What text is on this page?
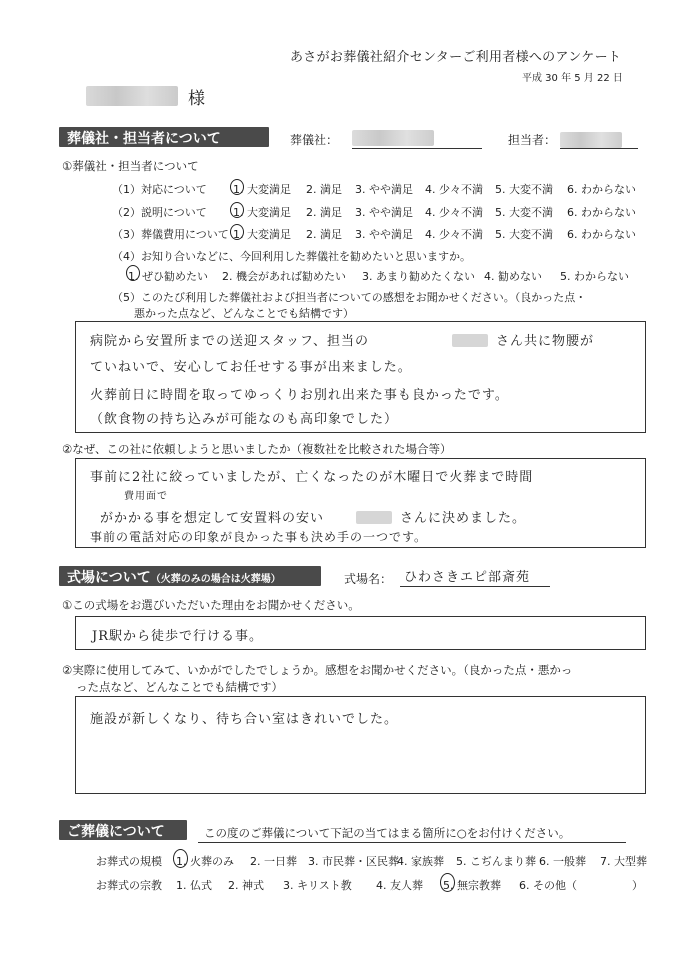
あさがお葬儀社紹介センターご利用者様へのアンケート
平成 30 年 5 月 22 日
様
葬儀社・担当者について	葬儀社：	担当者：
①葬儀社・担当者について
（1）対応について 1. 大変満足 2. 満足 3. やや満足 4. 少々不満 5. 大変不満 6. わからない
（2）説明について 1. 大変満足 2. 満足 3. やや満足 4. 少々不満 5. 大変不満 6. わからない
（3）葬儀費用について 1. 大変満足 2. 満足 3. やや満足 4. 少々不満 5. 大変不満 6. わからない
（4）お知り合いなどに、今回利用した葬儀社を勧めたいと思いますか。
1. ぜひ勧めたい 2. 機会があれば勧めたい 3. あまり勧めたくない 4. 勧めない 5. わからない
（5）このたび利用した葬儀社および担当者についての感想をお聞かせください。（良かった点・
悪かった点など、どんなことでも結構です）
病院から安置所までの送迎スタッフ、担当の	さん共に物腰が
ていねいで、安心してお任せする事が出来ました。
火葬前日に時間を取ってゆっくりお別れ出来た事も良かったです。
（飲食物の持ち込みが可能なのも高印象でした）
②なぜ、この社に依頼しようと思いましたか（複数社を比較された場合等）
事前に2社に絞っていましたが、亡くなったのが木曜日で火葬まで時間
費用面で
がかかる事を想定して安置料の安い	さんに決めました。
事前の電話対応の印象が良かった事も決め手の一つです。
式場について（火葬のみの場合は火葬場）	式場名： ひわさきエピ部斎苑
①この式場をお選びいただいた理由をお聞かせください。
JR駅から徒歩で行ける事。
②実際に使用してみて、いかがでしたでしょうか。感想をお聞かせください。（良かった点・悪かっ
った点など、どんなことでも結構です）
施設が新しくなり、待ち合い室はきれいでした。
ご葬儀について	この度のご葬儀について下記の当てはまる箇所に○をお付けください。
お葬式の規模 1. 火葬のみ 2. 一日葬 3. 市民葬・区民葬
4. 家族葬 5. こぢんまり葬 6. 一般葬 7. 大型葬
お葬式の宗教 1. 仏式 2. 神式 3. キリスト教 4. 友人葬 5. 無宗教葬 6. その他（	）
